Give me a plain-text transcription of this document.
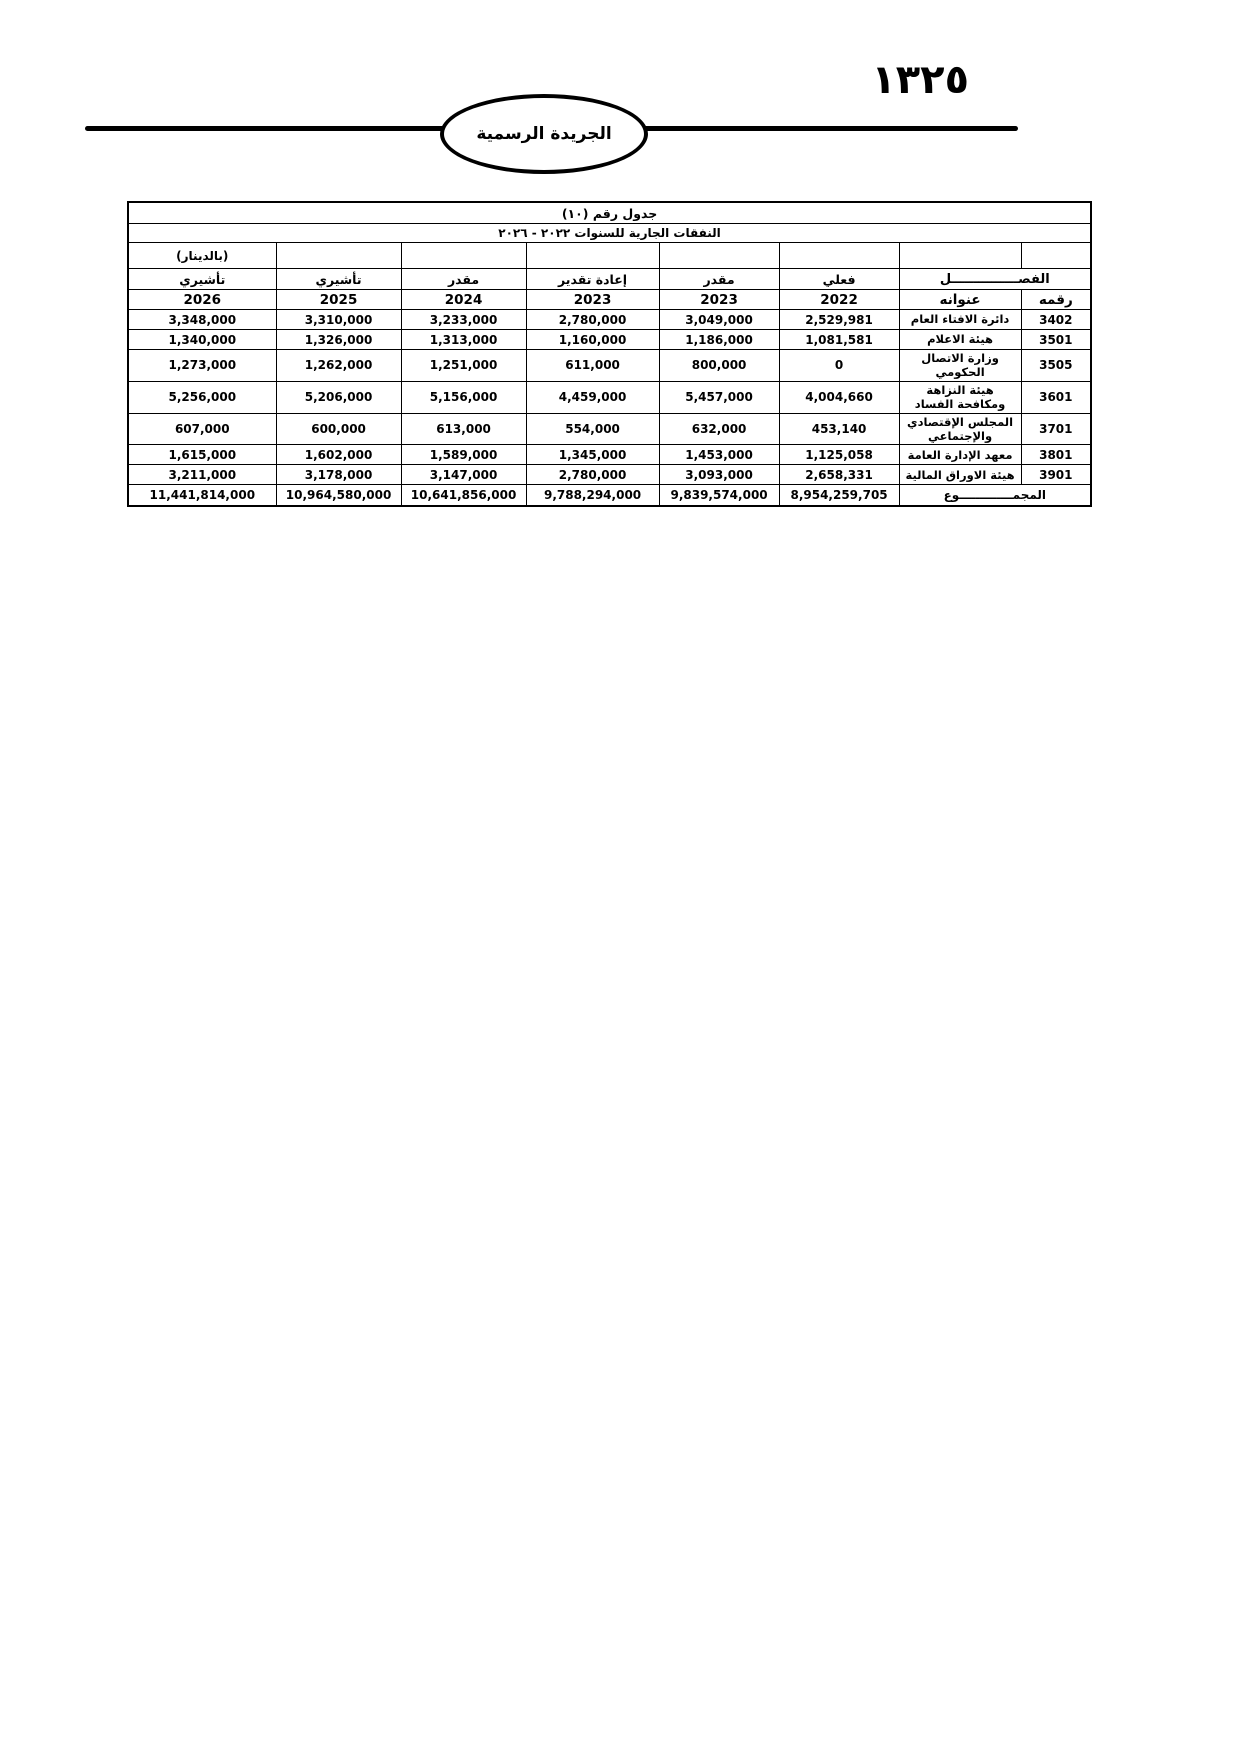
١٣٢٥
الجريدة الرسمية
جدول رقم (١٠)							
النفقات الجارية للسنوات ٢٠٢٢ - ٢٠٢٦							
							(بالدينار)
الفصـــــــــــــــل		فعلي	مقدر	إعادة تقدير	مقدر	تأشيري	تأشيري
رقمه	عنوانه	2022	2023	2023	2024	2025	2026
3402	دائرة الافتاء العام	2,529,981	3,049,000	2,780,000	3,233,000	3,310,000	3,348,000
3501	هيئة الاعلام	1,081,581	1,186,000	1,160,000	1,313,000	1,326,000	1,340,000
3505	وزارة الاتصال الحكومي	0	800,000	611,000	1,251,000	1,262,000	1,273,000
3601	هيئة النزاهة ومكافحة الفساد	4,004,660	5,457,000	4,459,000	5,156,000	5,206,000	5,256,000
3701	المجلس الإقتصادي والإجتماعي	453,140	632,000	554,000	613,000	600,000	607,000
3801	معهد الإدارة العامة	1,125,058	1,453,000	1,345,000	1,589,000	1,602,000	1,615,000
3901	هيئة الاوراق المالية	2,658,331	3,093,000	2,780,000	3,147,000	3,178,000	3,211,000
المجمـــــــــــــوع		8,954,259,705	9,839,574,000	9,788,294,000	10,641,856,000	10,964,580,000	11,441,814,000
